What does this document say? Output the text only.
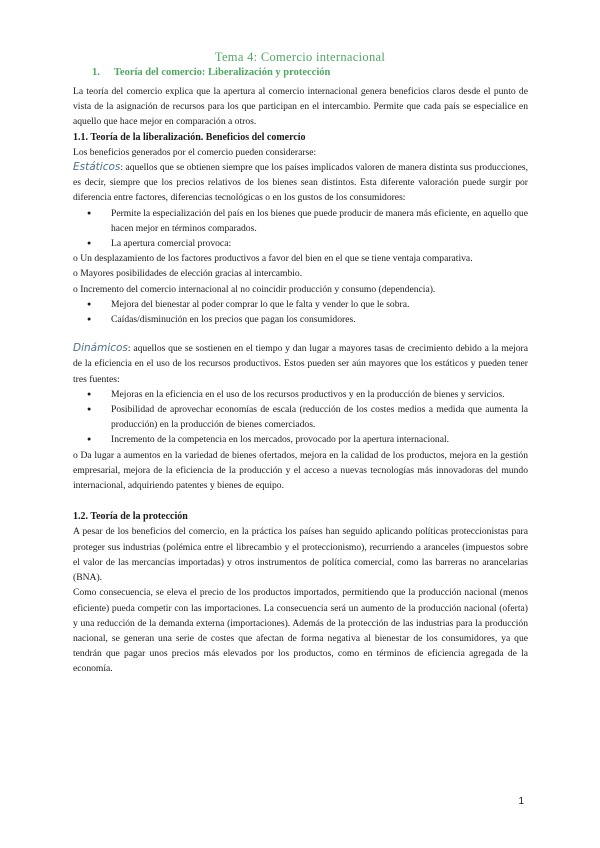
Tema 4: Comercio internacional
1. Teoría del comercio: Liberalización y protección

La teoría del comercio explica que la apertura al comercio internacional genera beneficios claros desde el punto de vista de la asignación de recursos para los que participan en el intercambio. Permite que cada país se especialice en aquello que hace mejor en comparación a otros.

1.1. Teoría de la liberalización. Beneficios del comercio

Los beneficios generados por el comercio pueden considerarse:

Estáticos: aquellos que se obtienen siempre que los países implicados valoren de manera distinta sus producciones, es decir, siempre que los precios relativos de los bienes sean distintos. Esta diferente valoración puede surgir por diferencia entre factores, diferencias tecnológicas o en los gustos de los consumidores:

● Permite la especialización del país en los bienes que puede producir de manera más eficiente, en aquello que hacen mejor en términos comparados.
● La apertura comercial provoca:

o Un desplazamiento de los factores productivos a favor del bien en el que se tiene ventaja comparativa.

o Mayores posibilidades de elección gracias al intercambio.

o Incremento del comercio internacional al no coincidir producción y consumo (dependencia).

● Mejora del bienestar al poder comprar lo que le falta y vender lo que le sobra.
● Caídas/disminución en los precios que pagan los consumidores.

Dinámicos: aquellos que se sostienen en el tiempo y dan lugar a mayores tasas de crecimiento debido a la mejora de la eficiencia en el uso de los recursos productivos. Estos pueden ser aún mayores que los estáticos y pueden tener tres fuentes:

● Mejoras en la eficiencia en el uso de los recursos productivos y en la producción de bienes y servicios.
● Posibilidad de aprovechar economías de escala (reducción de los costes medios a medida que aumenta la producción) en la producción de bienes comerciados.
● Incremento de la competencia en los mercados, provocado por la apertura internacional.

o Da lugar a aumentos en la variedad de bienes ofertados, mejora en la calidad de los productos, mejora en la gestión empresarial, mejora de la eficiencia de la producción y el acceso a nuevas tecnologías más innovadoras del mundo internacional, adquiriendo patentes y bienes de equipo.

1.2. Teoría de la protección

A pesar de los beneficios del comercio, en la práctica los países han seguido aplicando políticas proteccionistas para proteger sus industrias (polémica entre el librecambio y el proteccionismo), recurriendo a aranceles (impuestos sobre el valor de las mercancías importadas) y otros instrumentos de política comercial, como las barreras no arancelarias (BNA).

Como consecuencia, se eleva el precio de los productos importados, permitiendo que la producción nacional (menos eficiente) pueda competir con las importaciones. La consecuencia será un aumento de la producción nacional (oferta) y una reducción de la demanda externa (importaciones). Además de la protección de las industrias para la producción nacional, se generan una serie de costes que afectan de forma negativa al bienestar de los consumidores, ya que tendrán que pagar unos precios más elevados por los productos, como en términos de eficiencia agregada de la economía.

1
